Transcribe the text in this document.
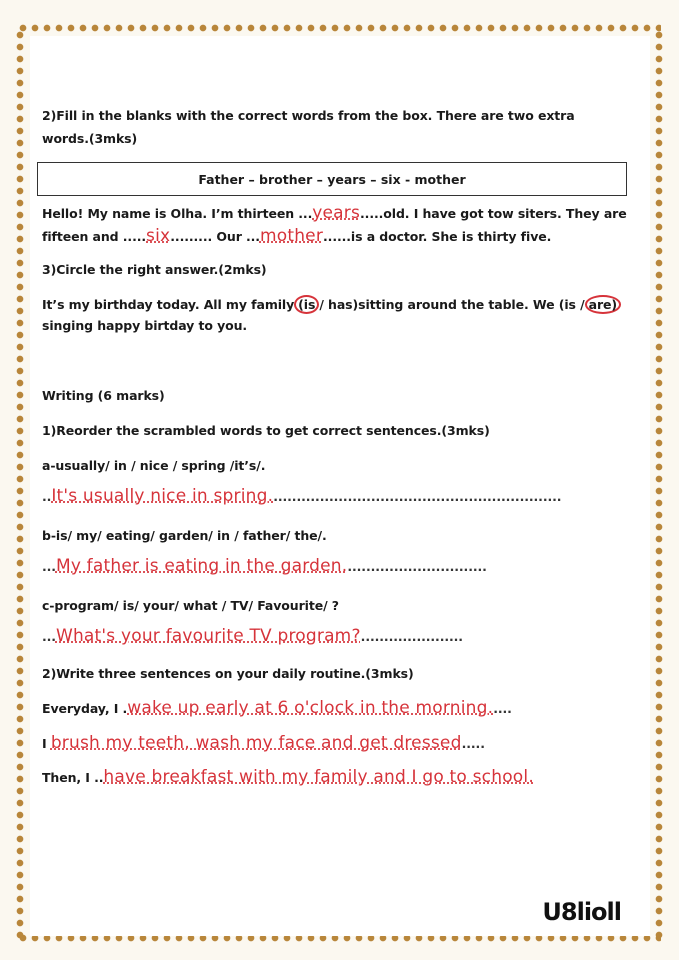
2)Fill in the blanks with the correct words from the box. There are two extra
words.(3mks)
Father – brother – years – six - mother
Hello! My name is Olha. I’m thirteen ...years.....old. I have got tow siters. They are
fifteen and .....six......... Our ...mother......is a doctor. She is thirty five.
3)Circle the right answer.(2mks)
It’s my birthday today. All my family (is / has)sitting around the table. We (is / are)
singing happy birtday to you.
Writing (6 marks)
1)Reorder the scrambled words to get correct sentences.(3mks)
a-usually/ in / nice / spring /it’s/.
..It's usually nice in spring...............................................................
b-is/ my/ eating/ garden/ in / father/ the/.
...My father is eating in the garden...............................
c-program/ is/ your/ what / TV/ Favourite/ ?
...What's your favourite TV program?......................
2)Write three sentences on your daily routine.(3mks)
Everyday, I .wake up early at 6 o'clock in the morning.....
I brush my teeth, wash my face and get dressed.....
Then, I ..have breakfast with my family and I go to school.
U8lioll
